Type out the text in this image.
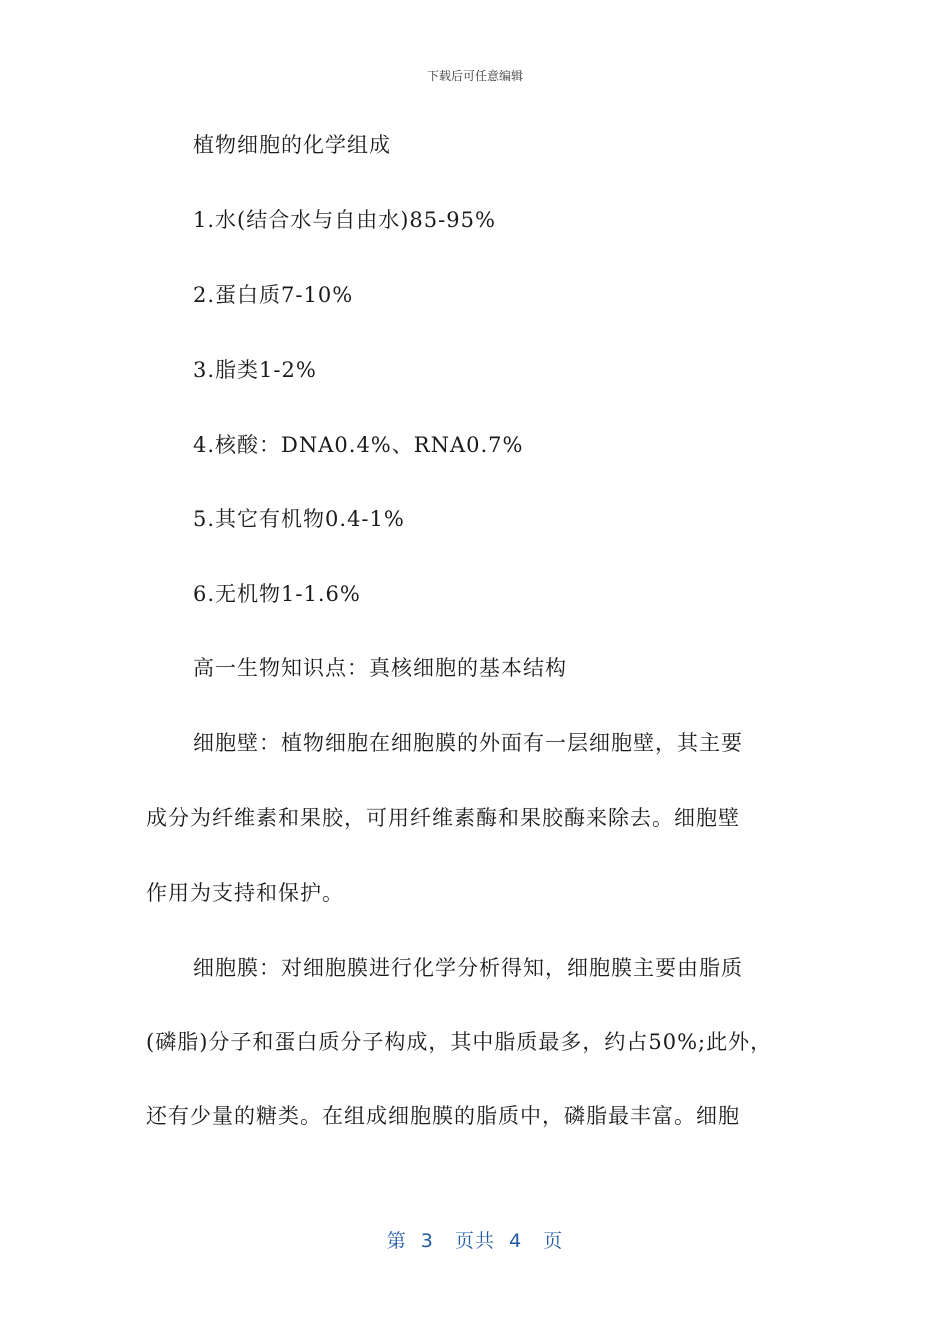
下载后可任意编辑
植物细胞的化学组成
1.水(结合水与自由水)85-95%
2.蛋白质7-10%
3.脂类1-2%
4.核酸：DNA0.4%、RNA0.7%
5.其它有机物0.4-1%
6.无机物1-1.6%
高一生物知识点：真核细胞的基本结构
细胞壁：植物细胞在细胞膜的外面有一层细胞壁，其主要
成分为纤维素和果胶，可用纤维素酶和果胶酶来除去。细胞壁
作用为支持和保护。
细胞膜：对细胞膜进行化学分析得知，细胞膜主要由脂质
(磷脂)分子和蛋白质分子构成，其中脂质最多，约占50%;此外，
还有少量的糖类。在组成细胞膜的脂质中，磷脂最丰富。细胞
第  3   页共  4   页
